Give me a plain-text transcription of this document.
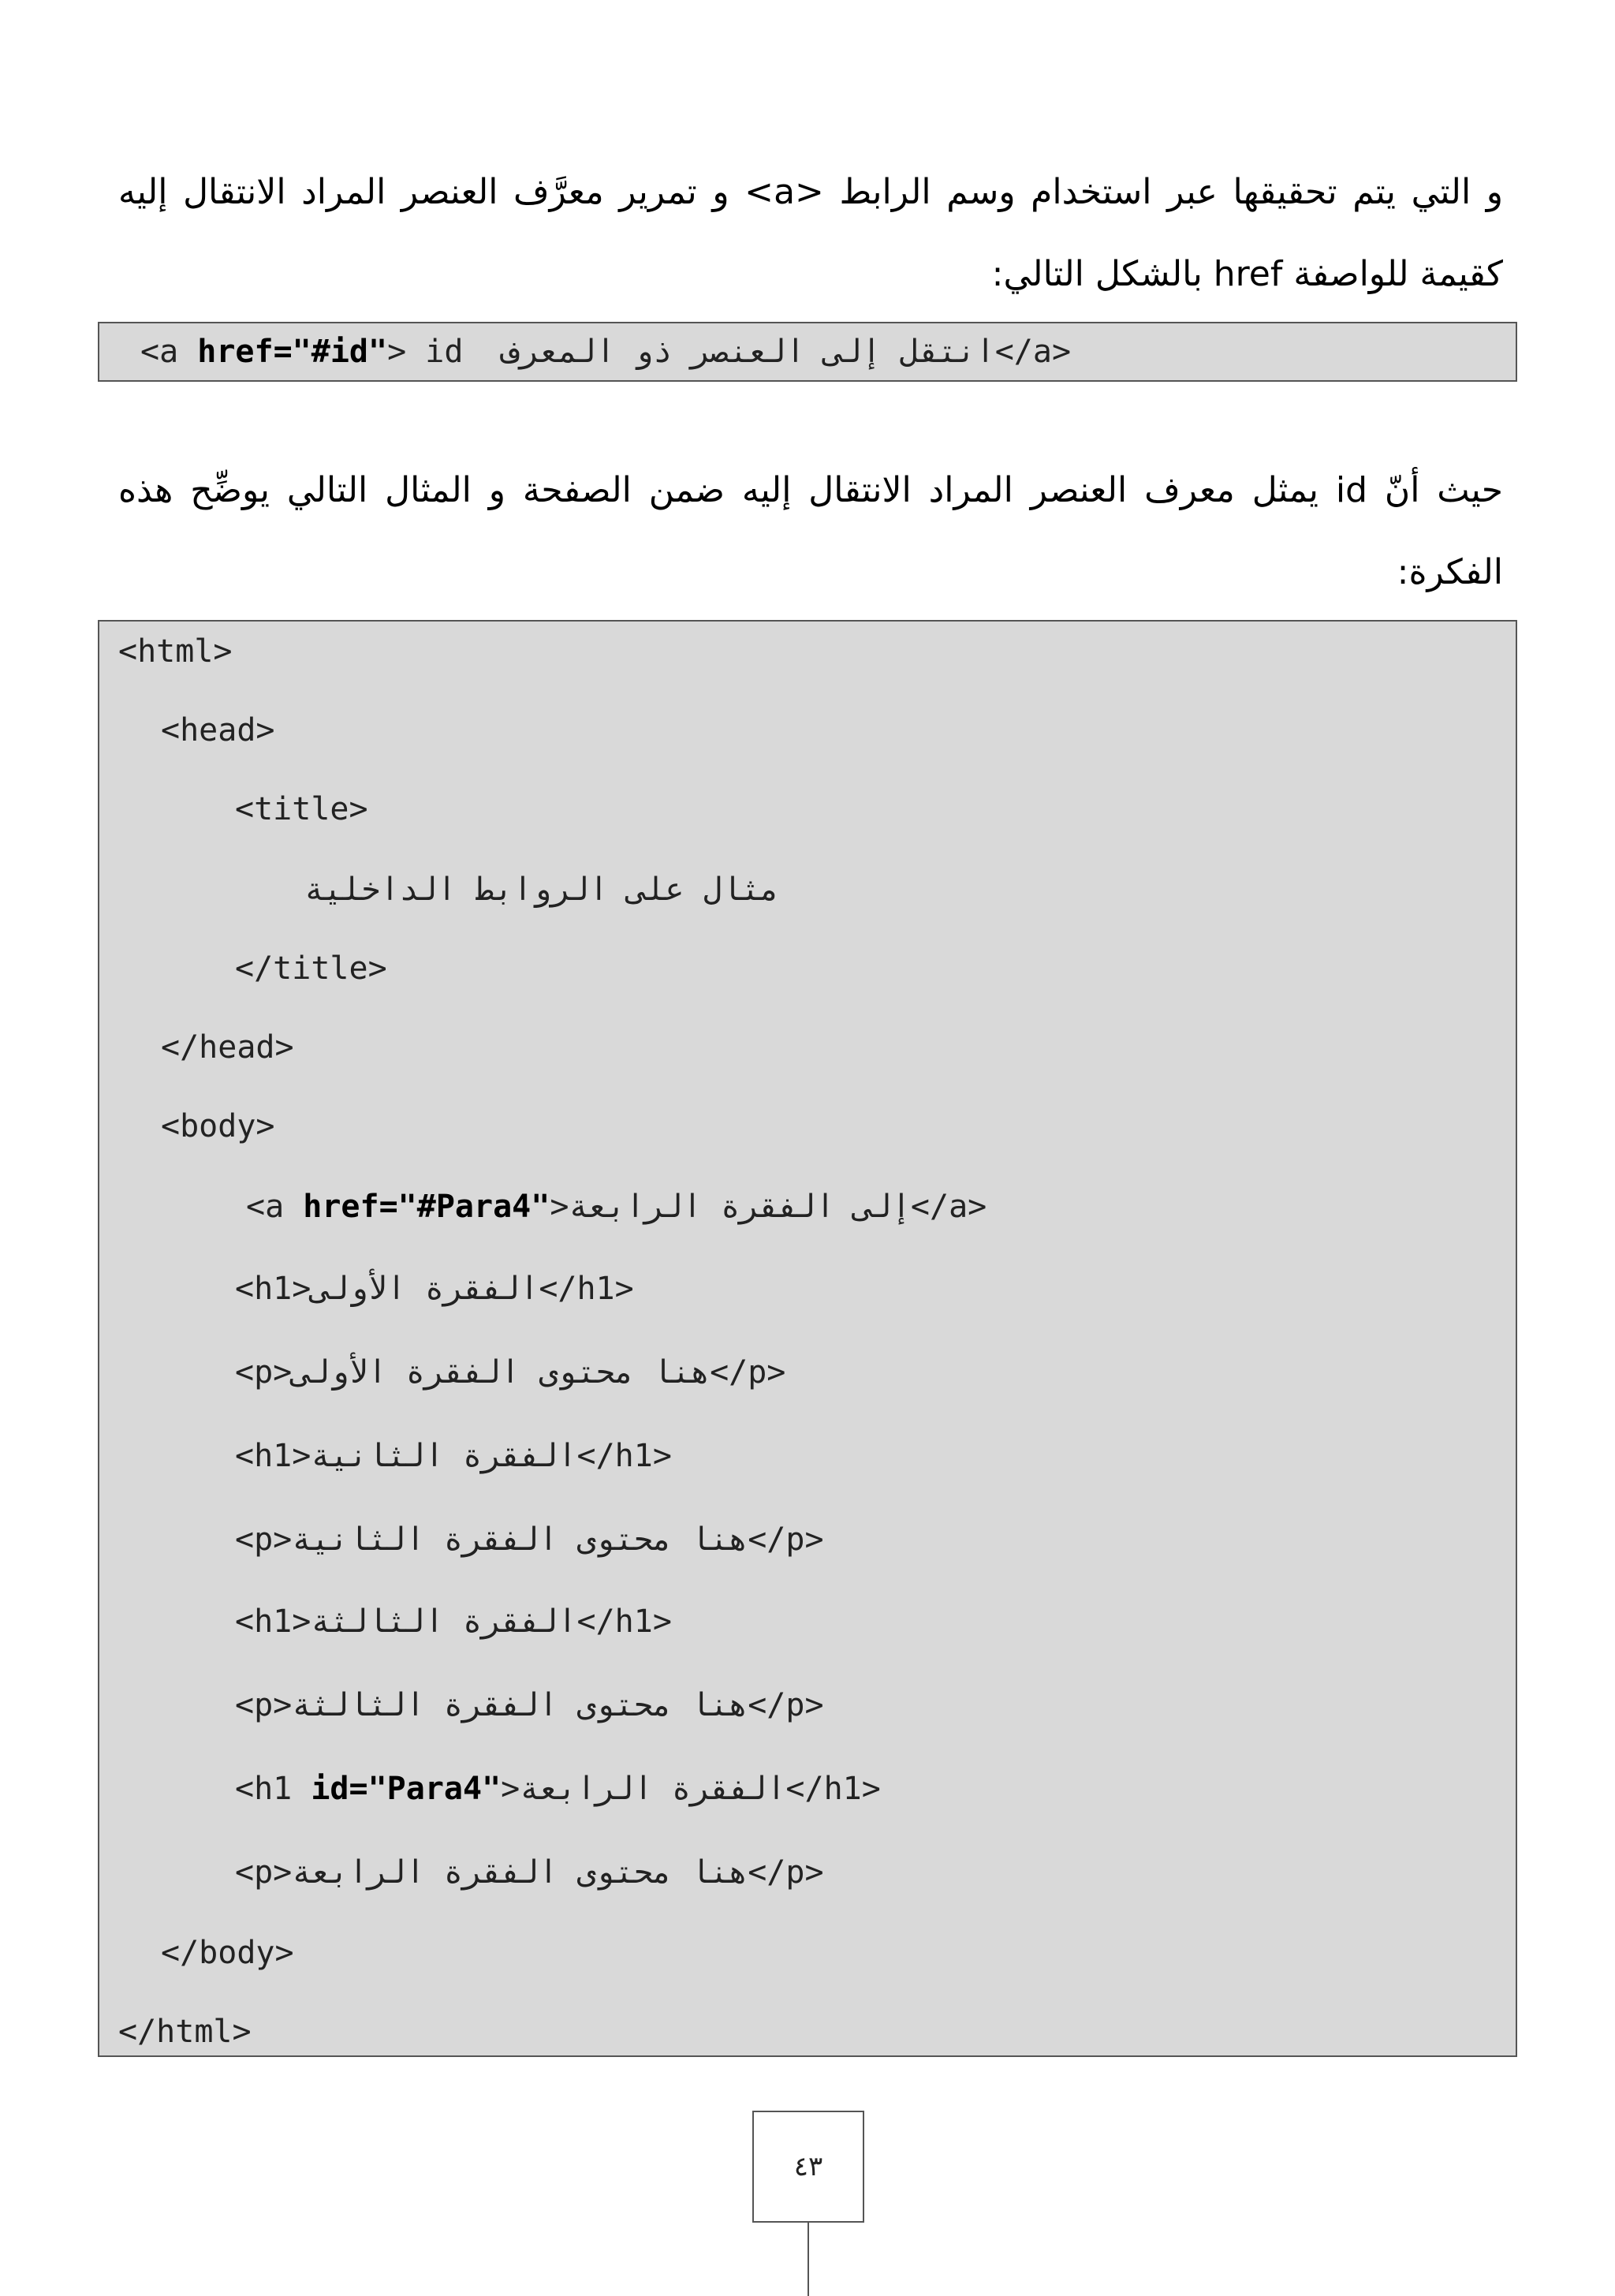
و التي يتم تحقيقها عبر استخدام وسم الرابط <a> و تمرير معرَّف العنصر المراد الانتقال إليه كقيمة للواصفة href بالشكل التالي:

<a href="#id"> id  انتقل إلى العنصر ذو المعرف</a>

حيث أنّ id يمثل معرف العنصر المراد الانتقال إليه ضمن الصفحة و المثال التالي يوضِّح هذه الفكرة:

<html>
<head>
<title>
مثال على الروابط الداخلية
</title>
</head>
<body>
<a href="#Para4">إلى الفقرة الرابعة</a>
<h1>الفقرة الأولى</h1>
<p>هنا محتوى الفقرة الأولى</p>
<h1>الفقرة الثانية</h1>
<p>هنا محتوى الفقرة الثانية</p>
<h1>الفقرة الثالثة</h1>
<p>هنا محتوى الفقرة الثالثة</p>
<h1 id="Para4">الفقرة الرابعة</h1>
<p>هنا محتوى الفقرة الرابعة</p>
</body>
</html>
٤٣
